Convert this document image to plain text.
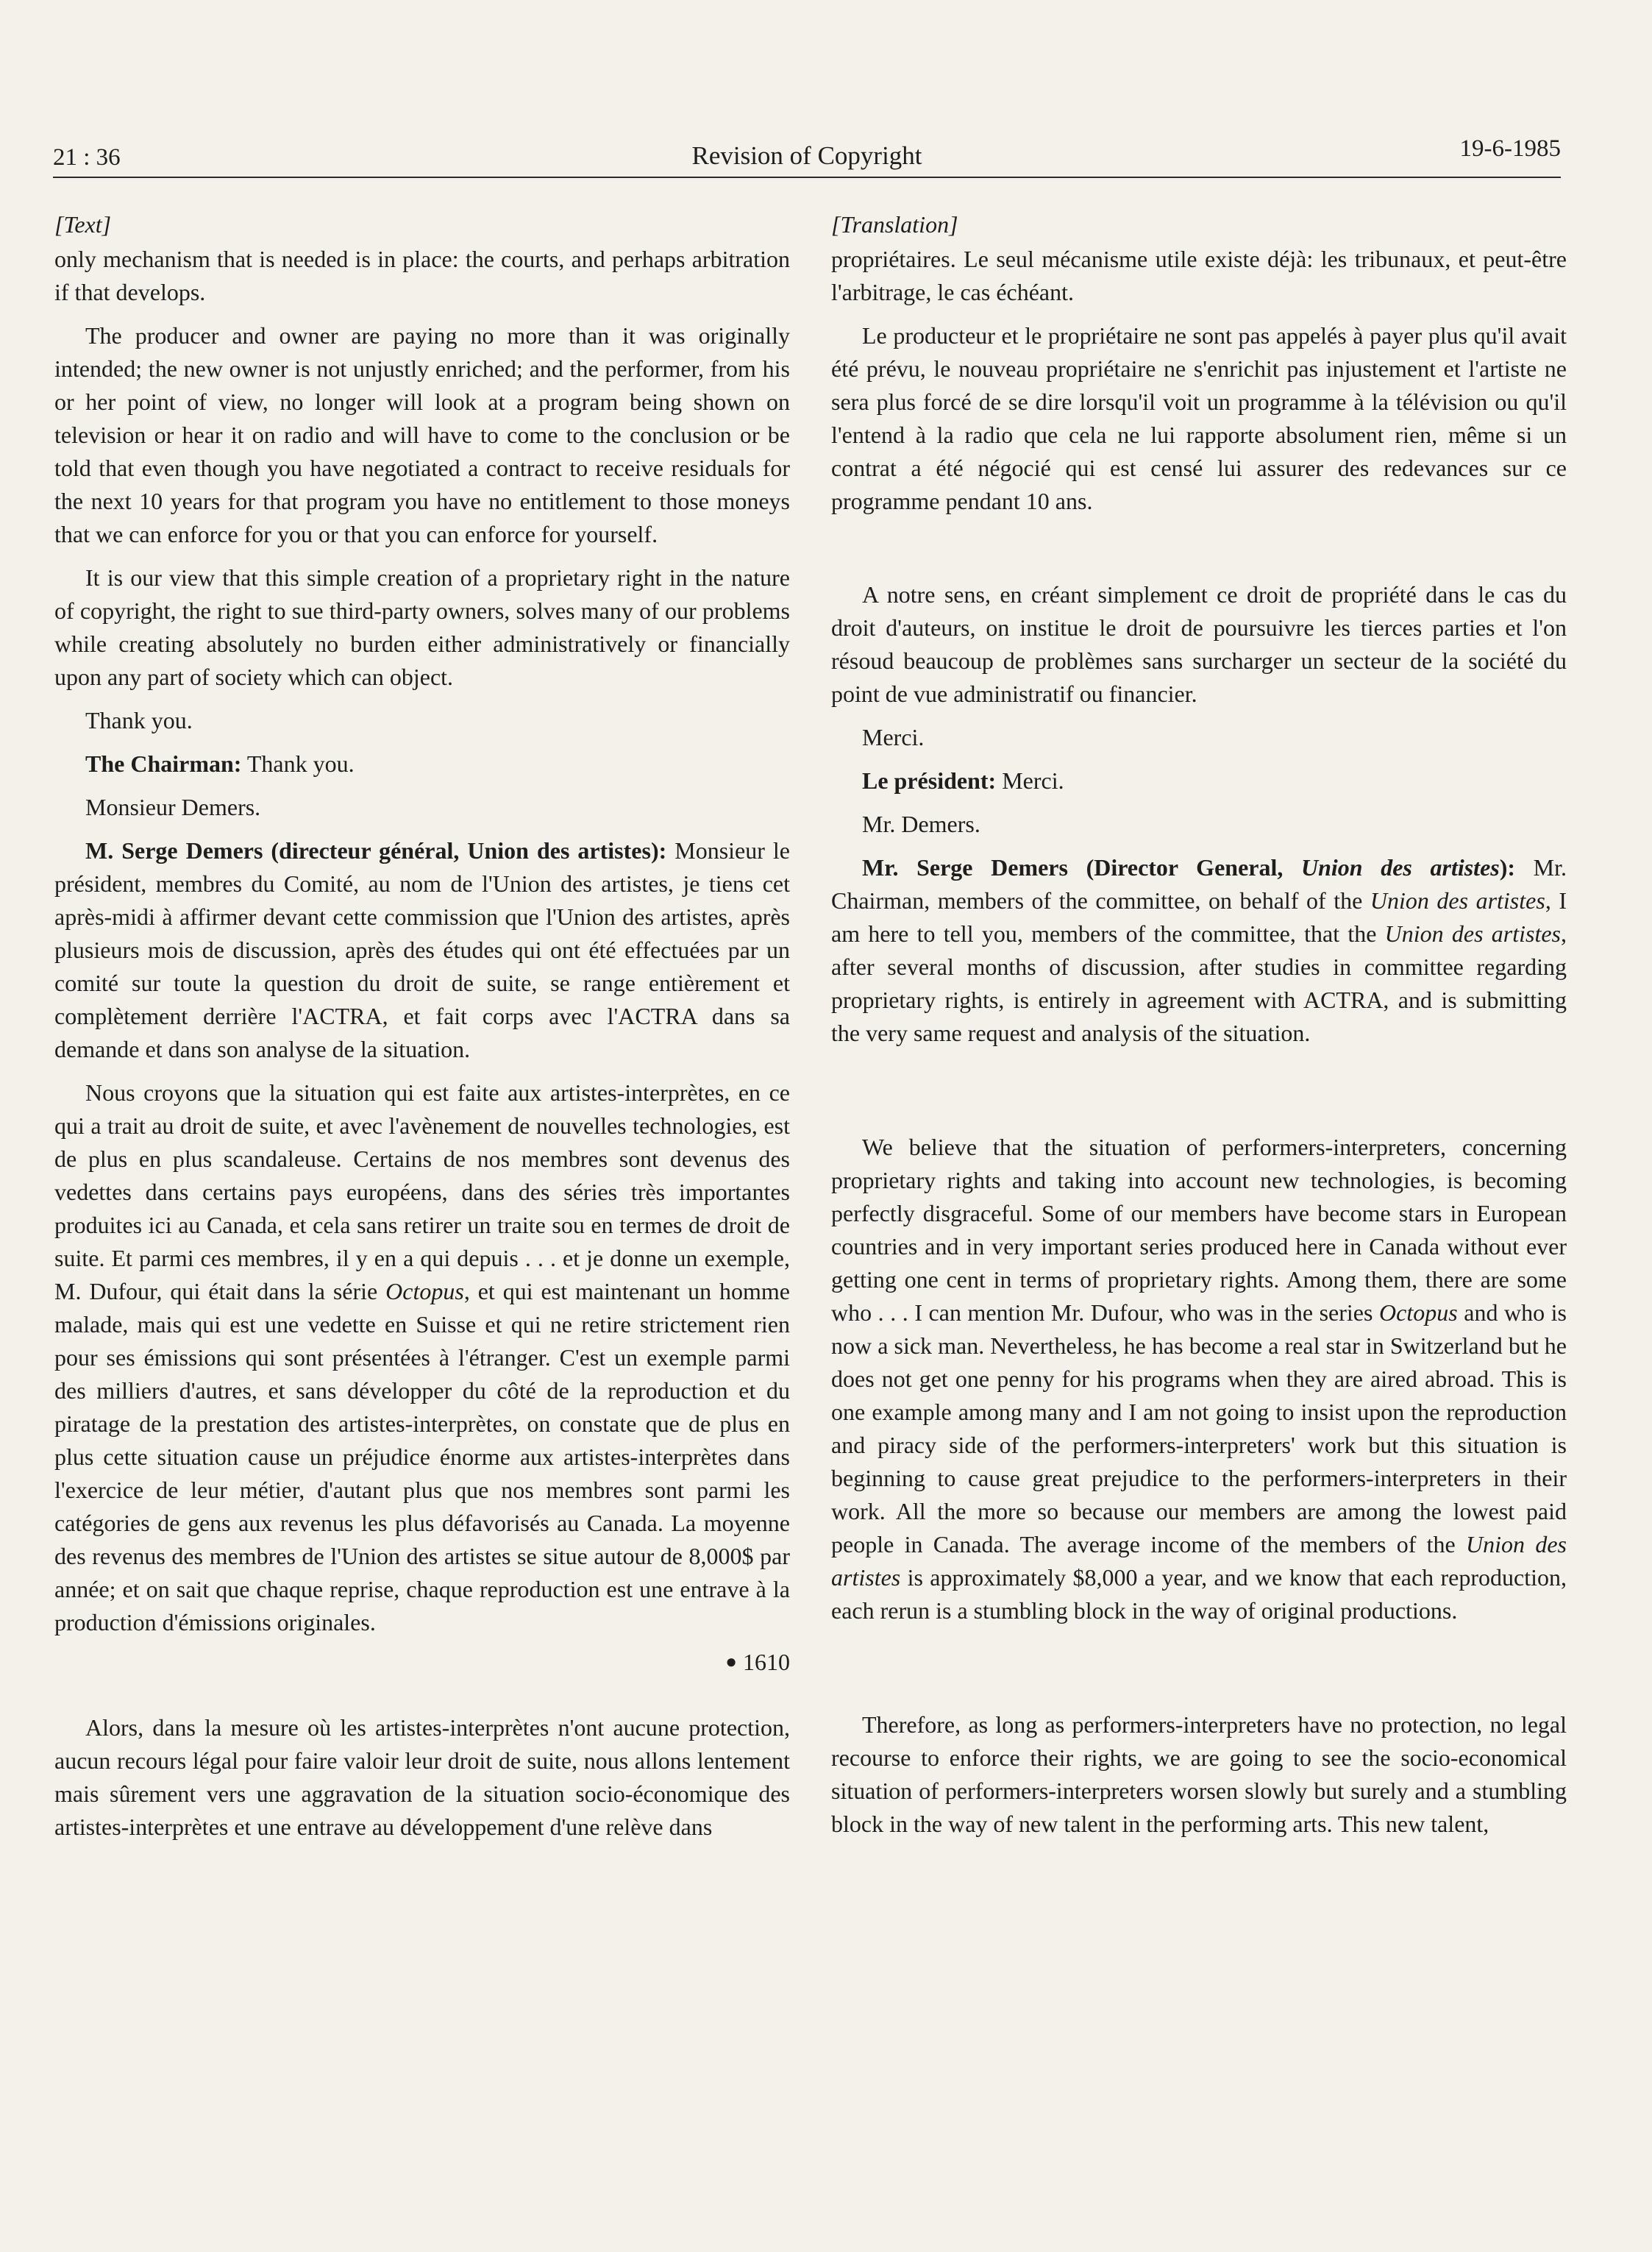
21 : 36	Revision of Copyright	19-6-1985

[Text]

only mechanism that is needed is in place: the courts, and perhaps arbitration if that develops.

The producer and owner are paying no more than it was originally intended; the new owner is not unjustly enriched; and the performer, from his or her point of view, no longer will look at a program being shown on television or hear it on radio and will have to come to the conclusion or be told that even though you have negotiated a contract to receive residuals for the next 10 years for that program you have no entitlement to those moneys that we can enforce for you or that you can enforce for yourself.

It is our view that this simple creation of a proprietary right in the nature of copyright, the right to sue third-party owners, solves many of our problems while creating absolutely no burden either administratively or financially upon any part of society which can object.

Thank you.

The Chairman: Thank you.

Monsieur Demers.

M. Serge Demers (directeur général, Union des artistes): Monsieur le président, membres du Comité, au nom de l'Union des artistes, je tiens cet après-midi à affirmer devant cette commission que l'Union des artistes, après plusieurs mois de discussion, après des études qui ont été effectuées par un comité sur toute la question du droit de suite, se range entièrement et complètement derrière l'ACTRA, et fait corps avec l'ACTRA dans sa demande et dans son analyse de la situation.

Nous croyons que la situation qui est faite aux artistes-interprètes, en ce qui a trait au droit de suite, et avec l'avènement de nouvelles technologies, est de plus en plus scandaleuse. Certains de nos membres sont devenus des vedettes dans certains pays européens, dans des séries très importantes produites ici au Canada, et cela sans retirer un traite sou en termes de droit de suite. Et parmi ces membres, il y en a qui depuis . . . et je donne un exemple, M. Dufour, qui était dans la série Octopus, et qui est maintenant un homme malade, mais qui est une vedette en Suisse et qui ne retire strictement rien pour ses émissions qui sont présentées à l'étranger. C'est un exemple parmi des milliers d'autres, et sans développer du côté de la reproduction et du piratage de la prestation des artistes-interprètes, on constate que de plus en plus cette situation cause un préjudice énorme aux artistes-interprètes dans l'exercice de leur métier, d'autant plus que nos membres sont parmi les catégories de gens aux revenus les plus défavorisés au Canada. La moyenne des revenus des membres de l'Union des artistes se situe autour de 8,000$ par année; et on sait que chaque reprise, chaque reproduction est une entrave à la production d'émissions originales.

● 1610

Alors, dans la mesure où les artistes-interprètes n'ont aucune protection, aucun recours légal pour faire valoir leur droit de suite, nous allons lentement mais sûrement vers une aggravation de la situation socio-économique des artistes-interprètes et une entrave au développement d'une relève dans

[Translation]

propriétaires. Le seul mécanisme utile existe déjà: les tribunaux, et peut-être l'arbitrage, le cas échéant.

Le producteur et le propriétaire ne sont pas appelés à payer plus qu'il avait été prévu, le nouveau propriétaire ne s'enrichit pas injustement et l'artiste ne sera plus forcé de se dire lorsqu'il voit un programme à la télévision ou qu'il l'entend à la radio que cela ne lui rapporte absolument rien, même si un contrat a été négocié qui est censé lui assurer des redevances sur ce programme pendant 10 ans.

A notre sens, en créant simplement ce droit de propriété dans le cas du droit d'auteurs, on institue le droit de poursuivre les tierces parties et l'on résoud beaucoup de problèmes sans surcharger un secteur de la société du point de vue administratif ou financier.

Merci.

Le président: Merci.

Mr. Demers.

Mr. Serge Demers (Director General, Union des artistes): Mr. Chairman, members of the committee, on behalf of the Union des artistes, I am here to tell you, members of the committee, that the Union des artistes, after several months of discussion, after studies in committee regarding proprietary rights, is entirely in agreement with ACTRA, and is submitting the very same request and analysis of the situation.

We believe that the situation of performers-interpreters, concerning proprietary rights and taking into account new technologies, is becoming perfectly disgraceful. Some of our members have become stars in European countries and in very important series produced here in Canada without ever getting one cent in terms of proprietary rights. Among them, there are some who . . . I can mention Mr. Dufour, who was in the series Octopus and who is now a sick man. Nevertheless, he has become a real star in Switzerland but he does not get one penny for his programs when they are aired abroad. This is one example among many and I am not going to insist upon the reproduction and piracy side of the performers-interpreters' work but this situation is beginning to cause great prejudice to the performers-interpreters in their work. All the more so because our members are among the lowest paid people in Canada. The average income of the members of the Union des artistes is approximately $8,000 a year, and we know that each reproduction, each rerun is a stumbling block in the way of original productions.

Therefore, as long as performers-interpreters have no protection, no legal recourse to enforce their rights, we are going to see the socio-economical situation of performers-interpreters worsen slowly but surely and a stumbling block in the way of new talent in the performing arts. This new talent,
